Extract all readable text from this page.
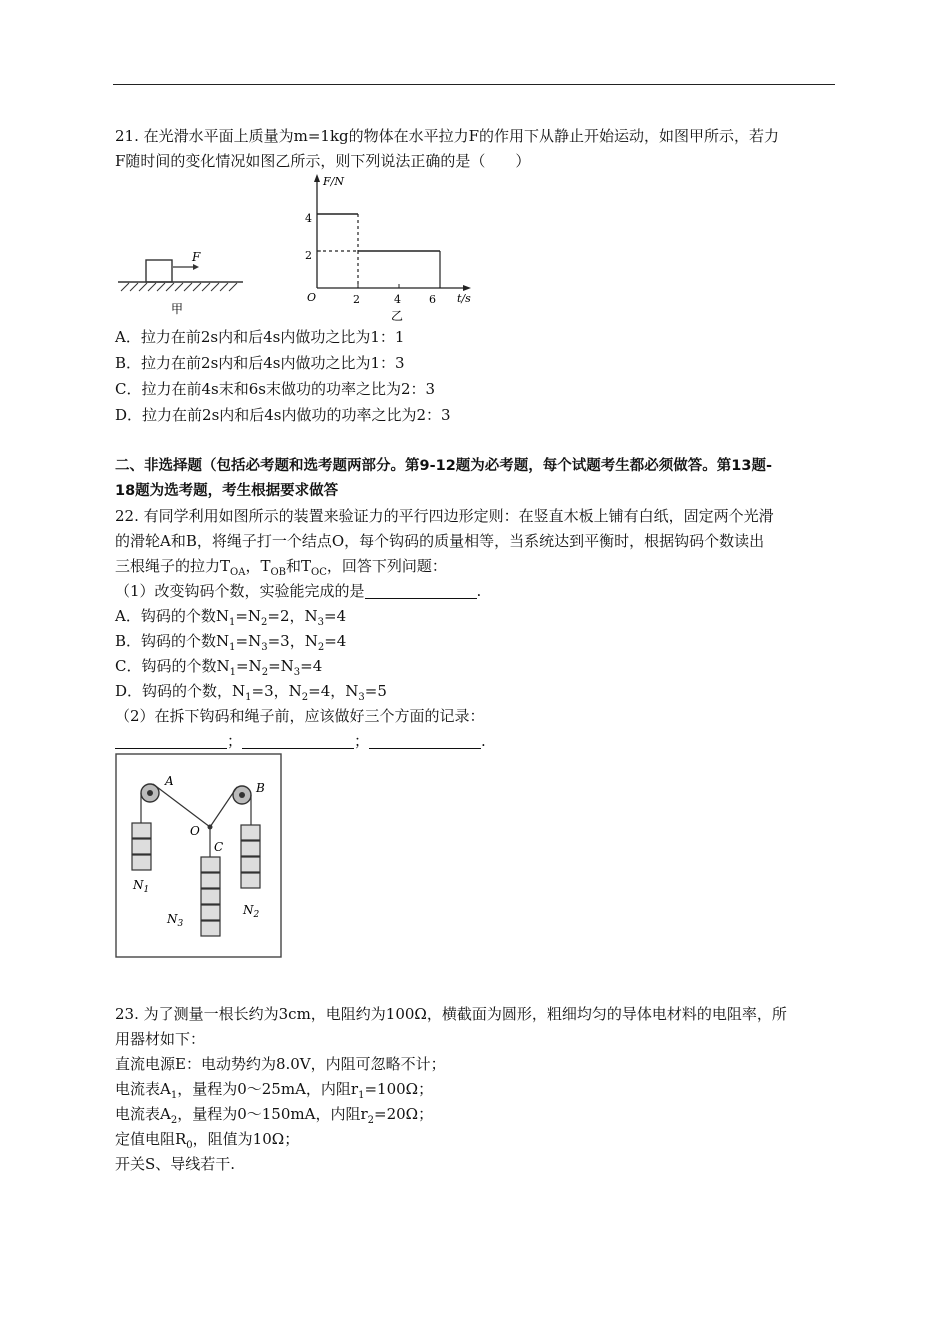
21. 在光滑水平面上质量为m=1kg的物体在水平拉力F的作用下从静止开始运动，如图甲所示，若力
F随时间的变化情况如图乙所示，则下列说法正确的是（　　）
F
甲
F/N
t/s
O
4
2
2	4	6
乙
A．拉力在前2s内和后4s内做功之比为1：1
B．拉力在前2s内和后4s内做功之比为1：3
C．拉力在前4s末和6s末做功的功率之比为2：3
D．拉力在前2s内和后4s内做功的功率之比为2：3
二、非选择题（包括必考题和选考题两部分。第9-12题为必考题，每个试题考生都必须做答。第13题-
18题为选考题，考生根据要求做答
22. 有同学利用如图所示的装置来验证力的平行四边形定则：在竖直木板上铺有白纸，固定两个光滑
的滑轮A和B，将绳子打一个结点O，每个钩码的质量相等，当系统达到平衡时，根据钩码个数读出
三根绳子的拉力$T_{OA}$，$T_{OB}$和$T_{OC}$，回答下列问题：
（1）改变钩码个数，实验能完成的是	.
A．钩码的个数$N_1=N_2=2$，$N_3=4$
B．钩码的个数$N_1=N_3=3$，$N_2=4$
C．钩码的个数$N_1=N_2=N_3=4$
D．钩码的个数，$N_1=3$，$N_2=4$，$N_3=5$
（2）在拆下钩码和绳子前，应该做好三个方面的记录：
；	；	.
A	B
O
C
$N_1$
$N_2$
$N_3$
23. 为了测量一根长约为3cm，电阻约为100Ω，横截面为圆形，粗细均匀的导体电材料的电阻率，所
用器材如下：
直流电源E：电动势约为8.0V，内阻可忽略不计；
电流表$A_1$，量程为0～25mA，内阻$r_1=100\Omega$；
电流表$A_2$，量程为0～150mA，内阻$r_2=20\Omega$；
定值电阻$R_0$，阻值为10Ω；
开关S、导线若干.
